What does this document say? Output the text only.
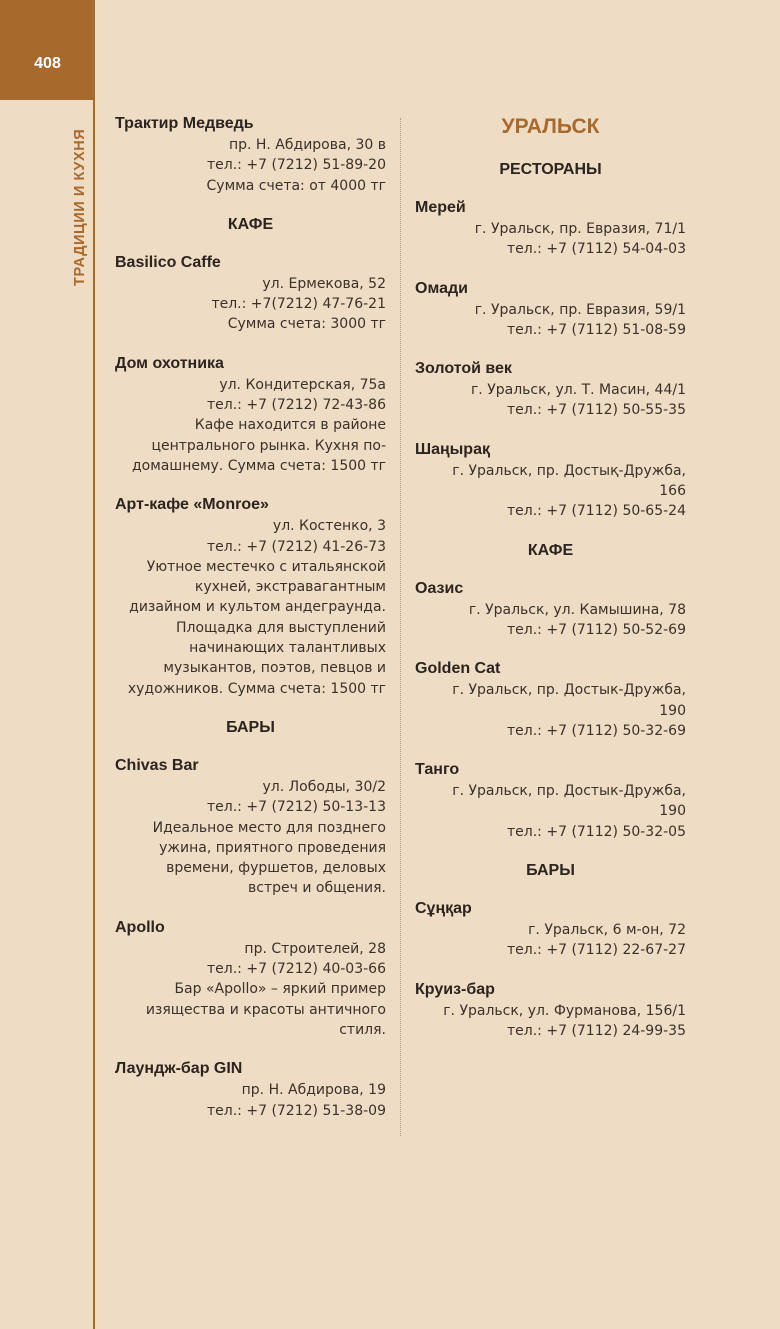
408
ТРАДИЦИИ И КУХНЯ
Трактир Медведь
пр. Н. Абдирова, 30 в
тел.: +7 (7212) 51-89-20
Сумма счета: от 4000 тг
КАФЕ
Basilico Caffe
ул. Ермекова, 52
тел.: +7(7212) 47-76-21
Сумма счета: 3000 тг
Дом охотника
ул. Кондитерская, 75а
тел.: +7 (7212) 72-43-86
Кафе находится в районе
центрального рынка. Кухня по-
домашнему. Сумма счета: 1500 тг
Арт-кафе «Monroe»
ул. Костенко, 3
тел.: +7 (7212) 41-26-73
Уютное местечко с итальянской
кухней, экстравагантным
дизайном и культом андеграунда.
Площадка для выступлений
начинающих талантливых
музыкантов, поэтов, певцов и
художников. Сумма счета: 1500 тг
БАРЫ
Chivas Bar
ул. Лободы, 30/2
тел.: +7 (7212) 50-13-13
Идеальное место для позднего
ужина, приятного проведения
времени, фуршетов, деловых
встреч и общения.
Apollo
пр. Строителей, 28
тел.: +7 (7212) 40-03-66
Бар «Apollo» – яркий пример
изящества и красоты античного
стиля.
Лаундж-бар GIN
пр. Н. Абдирова, 19
тел.: +7 (7212) 51-38-09
УРАЛЬСК
РЕСТОРАНЫ
Мерей
г. Уральск, пр. Евразия, 71/1
тел.: +7 (7112) 54-04-03
Омади
г. Уральск, пр. Евразия, 59/1
тел.: +7 (7112) 51-08-59
Золотой век
г. Уральск, ул. Т. Масин, 44/1
тел.: +7 (7112) 50-55-35
Шаңырақ
г. Уральск, пр. Достық-Дружба,
166
тел.: +7 (7112) 50-65-24
КАФЕ
Оазис
г. Уральск, ул. Камышина, 78
тел.: +7 (7112) 50-52-69
Golden Cat
г. Уральск, пр. Достык-Дружба,
190
тел.: +7 (7112) 50-32-69
Танго
г. Уральск, пр. Достык-Дружба,
190
тел.: +7 (7112) 50-32-05
БАРЫ
Сұңқар
г. Уральск, 6 м-он, 72
тел.: +7 (7112) 22-67-27
Круиз-бар
г. Уральск, ул. Фурманова, 156/1
тел.: +7 (7112) 24-99-35
